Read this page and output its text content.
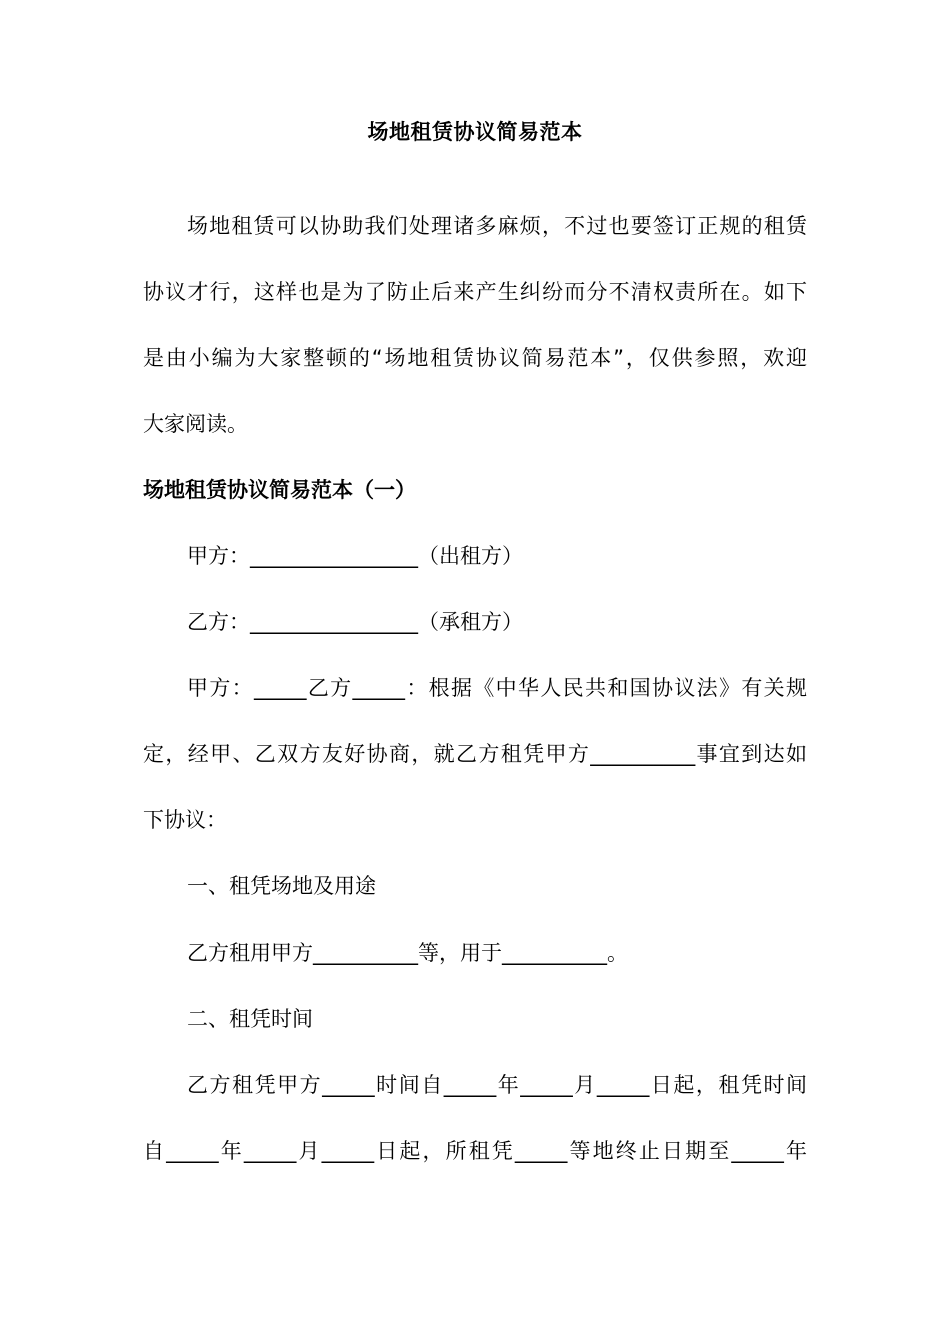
场地租赁协议简易范本
场地租赁可以协助我们处理诸多麻烦，不过也要签订正规的租赁
协议才行，这样也是为了防止后来产生纠纷而分不清权责所在。如下
是由小编为大家整顿的“场地租赁协议简易范本”，仅供参照，欢迎
大家阅读。
场地租赁协议简易范本（一）
甲方：________________（出租方）
乙方：________________（承租方）
甲方：_____乙方_____：根据《中华人民共和国协议法》有关规
定，经甲、乙双方友好协商，就乙方租凭甲方__________事宜到达如
下协议：
一、租凭场地及用途
乙方租用甲方__________等，用于__________。
二、租凭时间
乙方租凭甲方_____时间自_____年_____月_____日起，租凭时间
自_____年_____月_____日起，所租凭_____等地终止日期至_____年
